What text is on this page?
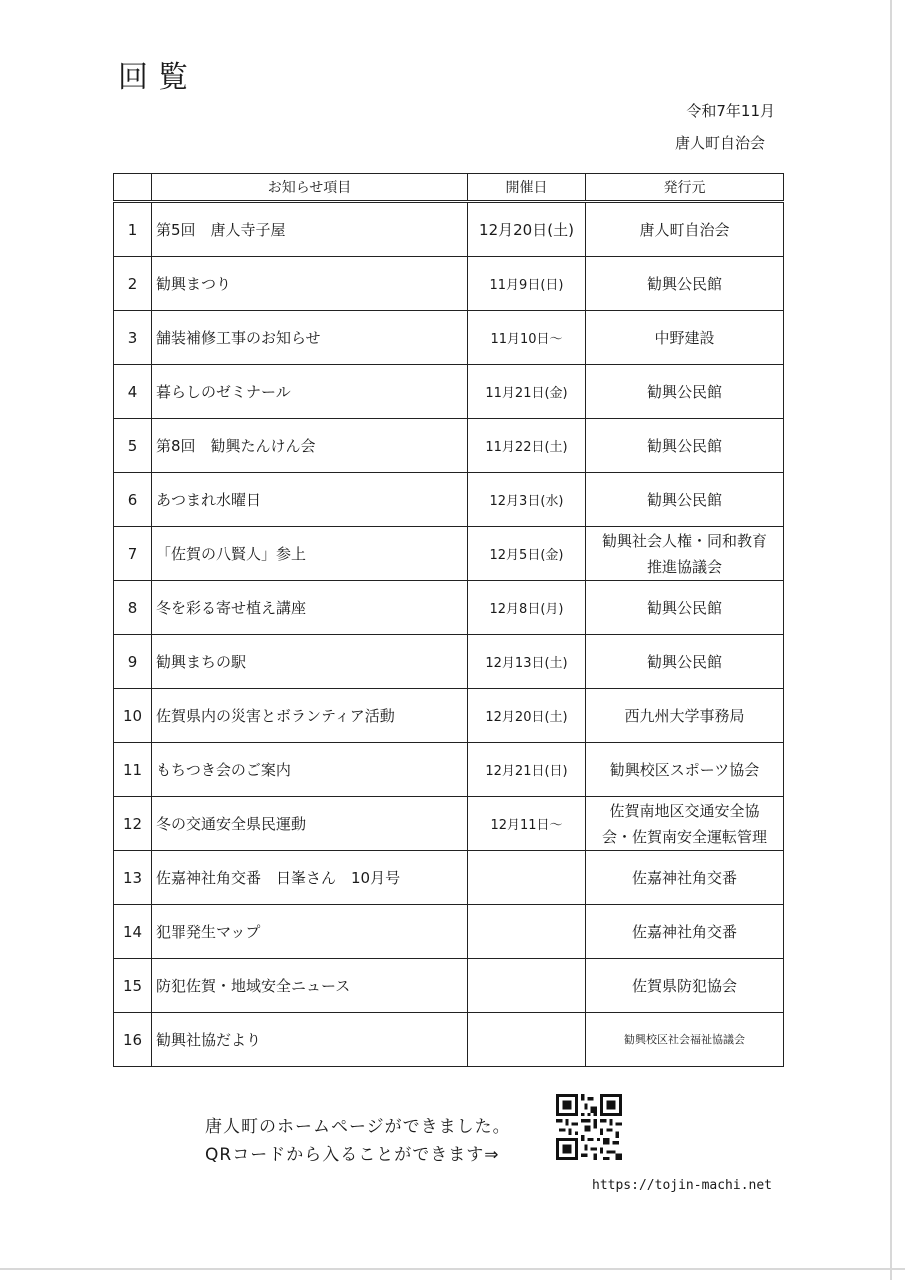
回覧
令和7年11月
唐人町自治会
	お知らせ項目	開催日	発行元
1	第5回　唐人寺子屋	12月20日(土)	唐人町自治会
2	勧興まつり	11月9日(日)	勧興公民館
3	舗装補修工事のお知らせ	11月10日～	中野建設
4	暮らしのゼミナール	11月21日(金)	勧興公民館
5	第8回　勧興たんけん会	11月22日(土)	勧興公民館
6	あつまれ水曜日	12月3日(水)	勧興公民館
7	「佐賀の八賢人」参上	12月5日(金)	勧興社会人権・同和教育
推進協議会

8	冬を彩る寄せ植え講座	12月8日(月)	勧興公民館
9	勧興まちの駅	12月13日(土)	勧興公民館
10	佐賀県内の災害とボランティア活動	12月20日(土)	西九州大学事務局
11	もちつき会のご案内	12月21日(日)	勧興校区スポーツ協会
12	冬の交通安全県民運動	12月11日～	佐賀南地区交通安全協
会・佐賀南安全運転管理

13	佐嘉神社角交番　日峯さん　10月号		佐嘉神社角交番
14	犯罪発生マップ		佐嘉神社角交番
15	防犯佐賀・地域安全ニュース		佐賀県防犯協会
16	勧興社協だより		勧興校区社会福祉協議会
唐人町のホームページができました。
QRコードから入ることができます⇒
https://tojin-machi.net
